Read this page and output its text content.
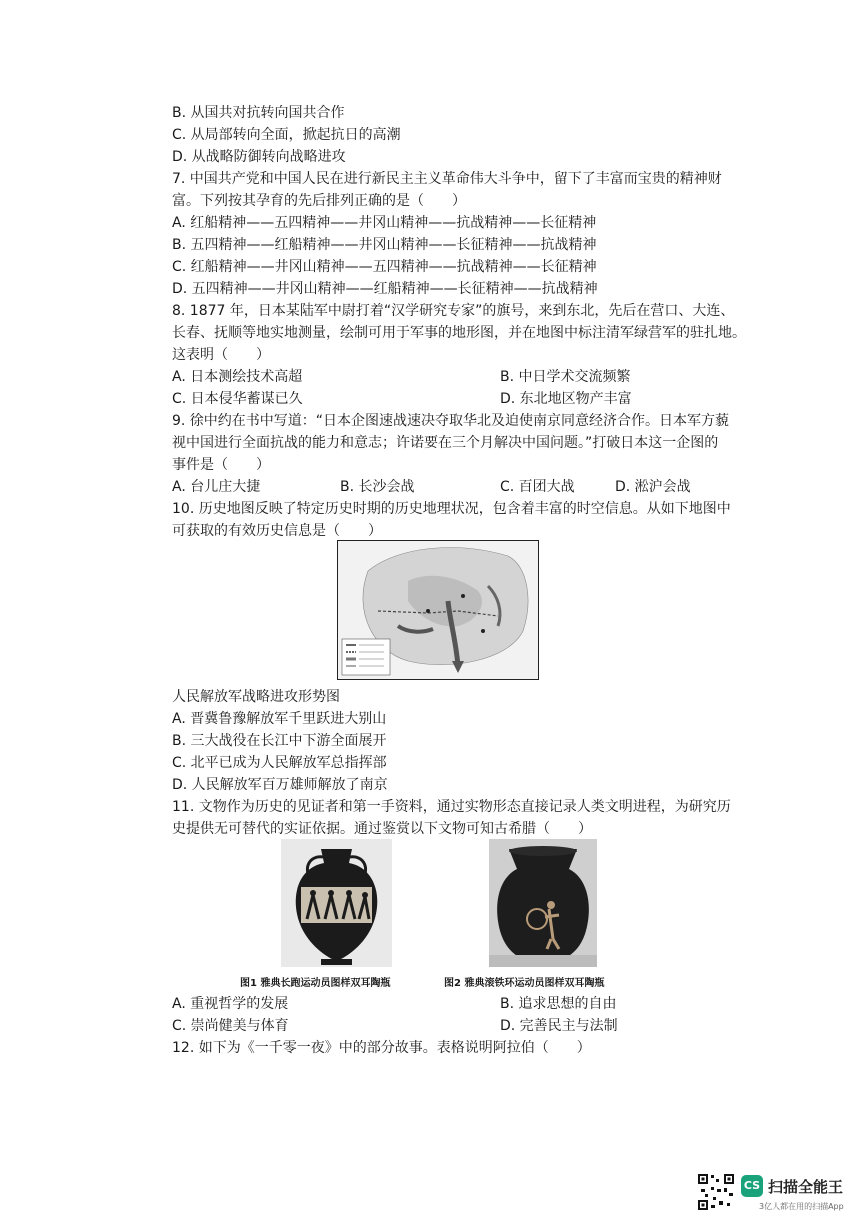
B. 从国共对抗转向国共合作
C. 从局部转向全面，掀起抗日的高潮
D. 从战略防御转向战略进攻
7. 中国共产党和中国人民在进行新民主主义革命伟大斗争中，留下了丰富而宝贵的精神财
富。下列按其孕育的先后排列正确的是（　　）
A. 红船精神——五四精神——井冈山精神——抗战精神——长征精神
B. 五四精神——红船精神——井冈山精神——长征精神——抗战精神
C. 红船精神——井冈山精神——五四精神——抗战精神——长征精神
D. 五四精神——井冈山精神——红船精神——长征精神——抗战精神
8. 1877 年，日本某陆军中尉打着“汉学研究专家”的旗号，来到东北，先后在营口、大连、
长春、抚顺等地实地测量，绘制可用于军事的地形图，并在地图中标注清军绿营军的驻扎地。
这表明（　　）
A. 日本测绘技术高超	B. 中日学术交流频繁
C. 日本侵华蓄谋已久	D. 东北地区物产丰富
9. 徐中约在书中写道：“日本企图速战速决夺取华北及迫使南京同意经济合作。日本军方藐
视中国进行全面抗战的能力和意志；许诺要在三个月解决中国问题。”打破日本这一企图的
事件是（　　）
A. 台儿庄大捷	B. 长沙会战	C. 百团大战	D. 淞沪会战
10. 历史地图反映了特定历史时期的历史地理状况，包含着丰富的时空信息。从如下地图中
可获取的有效历史信息是（　　）
人民解放军战略进攻形势图
A. 晋冀鲁豫解放军千里跃进大别山
B. 三大战役在长江中下游全面展开
C. 北平已成为人民解放军总指挥部
D. 人民解放军百万雄师解放了南京
11. 文物作为历史的见证者和第一手资料，通过实物形态直接记录人类文明进程，为研究历
史提供无可替代的实证依据。通过鉴赏以下文物可知古希腊（　　）
图1 雅典长跑运动员图样双耳陶瓶	图2 雅典滚铁环运动员图样双耳陶瓶
A. 重视哲学的发展	B. 追求思想的自由
C. 崇尚健美与体育	D. 完善民主与法制
12. 如下为《一千零一夜》中的部分故事。表格说明阿拉伯（　　）
CS 扫描全能王
3亿人都在用的扫描App
